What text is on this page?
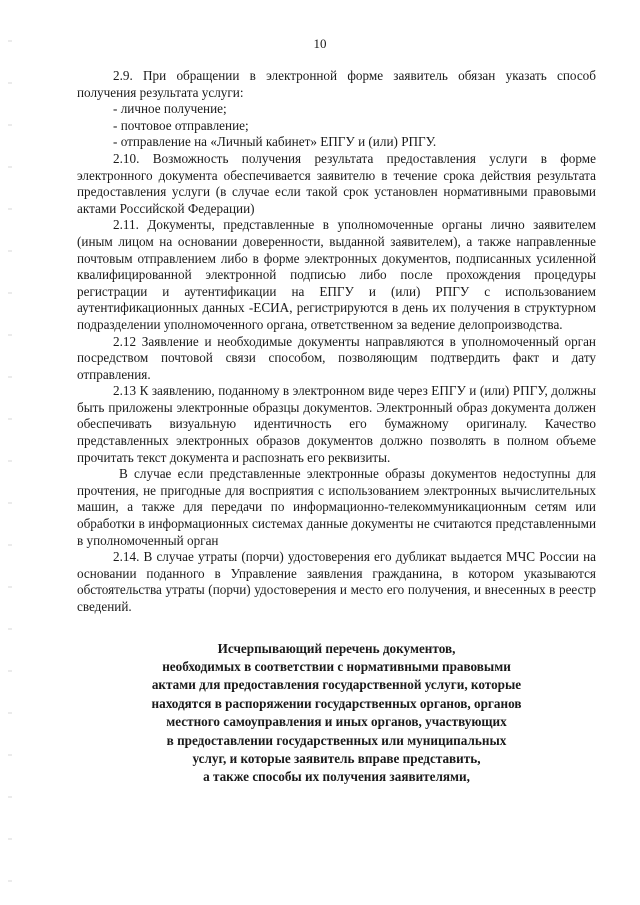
10

2.9. При обращении в электронной форме заявитель обязан указать способ получения результата услуги:

- личное получение;

- почтовое отправление;

- отправление на «Личный кабинет» ЕПГУ и (или) РПГУ.

2.10. Возможность получения результата предоставления услуги в форме электронного документа обеспечивается заявителю в течение срока действия результата предоставления услуги (в случае если такой срок установлен нормативными правовыми актами Российской Федерации)

2.11. Документы, представленные в уполномоченные органы лично заявителем (иным лицом на основании доверенности, выданной заявителем), а также направленные почтовым отправлением либо в форме электронных документов, подписанных усиленной квалифицированной электронной подписью либо после прохождения процедуры регистрации и аутентификации на ЕПГУ и (или) РПГУ с использованием аутентификационных данных -ЕСИА, регистрируются в день их получения в структурном подразделении уполномоченного органа, ответственном за ведение делопроизводства.

2.12 Заявление и необходимые документы направляются в уполномоченный орган посредством почтовой связи способом, позволяющим подтвердить факт и дату отправления.

2.13 К заявлению, поданному в электронном виде через ЕПГУ и (или) РПГУ, должны быть приложены электронные образцы документов. Электронный образ документа должен обеспечивать визуальную идентичность его бумажному оригиналу. Качество представленных электронных образов документов должно позволять в полном объеме прочитать текст документа и распознать его реквизиты.

В случае если представленные электронные образы документов недоступны для прочтения, не пригодные для восприятия с использованием электронных вычислительных машин, а также для передачи по информационно-телекоммуникационным сетям или обработки в информационных системах данные документы не считаются представленными в уполномоченный орган

2.14. В случае утраты (порчи) удостоверения его дубликат выдается МЧС России на основании поданного в Управление заявления гражданина, в котором указываются обстоятельства утраты (порчи) удостоверения и место его получения, и внесенных в реестр сведений.

Исчерпывающий перечень документов,
необходимых в соответствии с нормативными правовыми
актами для предоставления государственной услуги, которые
находятся в распоряжении государственных органов, органов
местного самоуправления и иных органов, участвующих
в предоставлении государственных или муниципальных
услуг, и которые заявитель вправе представить,
а также способы их получения заявителями,
